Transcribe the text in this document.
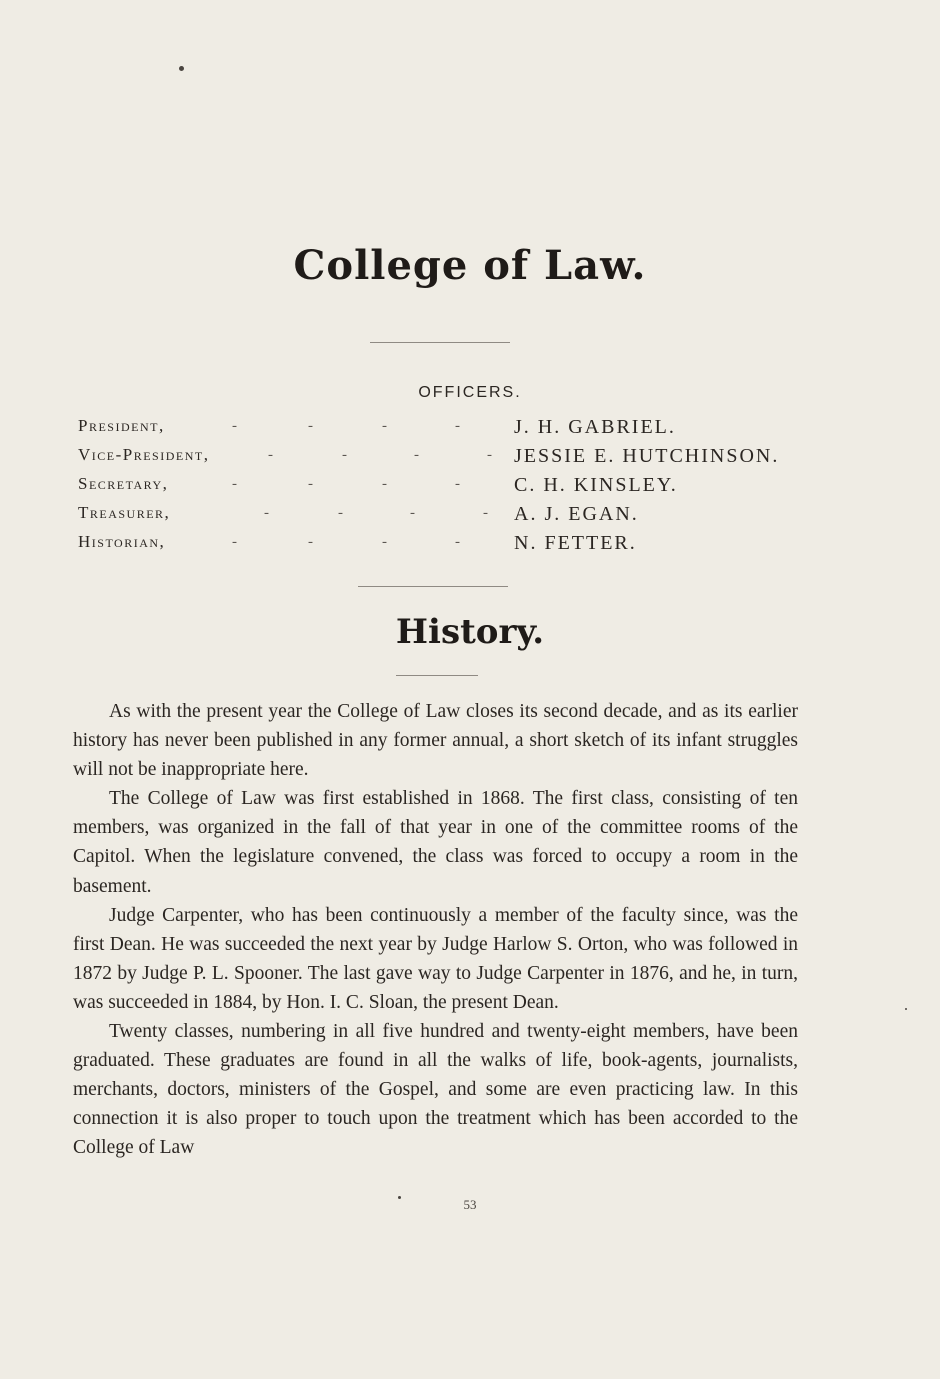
College of Law.
OFFICERS.
President,	-	-	-	-	J. H. GABRIEL.
Vice-President,	-	-	-	- JESSIE E. HUTCHINSON.
Secretary,	-	-	-	-	C. H. KINSLEY.
Treasurer,	-	-	-	- A. J. EGAN.
Historian,	-	-	-	-	N. FETTER.
History.

As with the present year the College of Law closes its second decade, and as its earlier history has never been published in any former annual, a short sketch of its infant struggles will not be inappropriate here.

The College of Law was first established in 1868. The first class, consisting of ten members, was organized in the fall of that year in one of the committee rooms of the Capitol. When the legislature convened, the class was forced to occupy a room in the basement.

Judge Carpenter, who has been continuously a member of the faculty since, was the first Dean. He was succeeded the next year by Judge Harlow S. Orton, who was followed in 1872 by Judge P. L. Spooner. The last gave way to Judge Carpenter in 1876, and he, in turn, was succeeded in 1884, by Hon. I. C. Sloan, the present Dean.

Twenty classes, numbering in all five hundred and twenty-eight members, have been graduated. These graduates are found in all the walks of life, book-agents, journalists, merchants, doctors, ministers of the Gospel, and some are even practicing law. In this connection it is also proper to touch upon the treatment which has been accorded to the College of Law

53
